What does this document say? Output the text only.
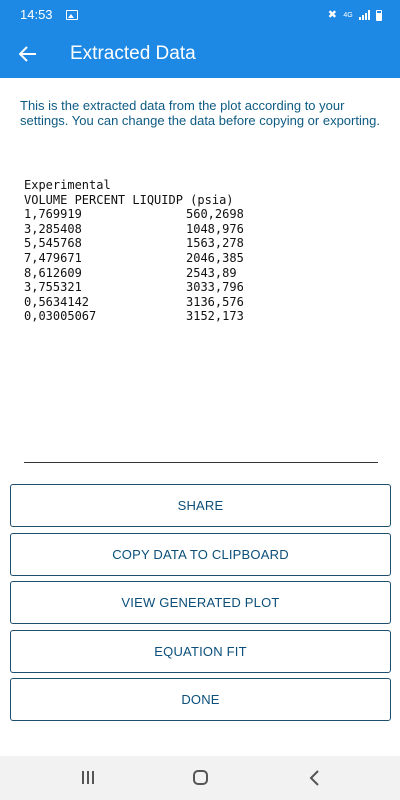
14:53	✖ 4G
Extracted Data

This is the extracted data from the plot according to your settings. You can change the data before copying or exporting.

Experimental
VOLUME PERCENT LIQUIDP (psia)
1,769919	560,2698
3,285408	1048,976
5,545768	1563,278
7,479671	2046,385
8,612609	2543,89
3,755321	3033,796
0,5634142	3136,576
0,03005067	3152,173
SHARE
COPY DATA TO CLIPBOARD
VIEW GENERATED PLOT
EQUATION FIT
DONE
